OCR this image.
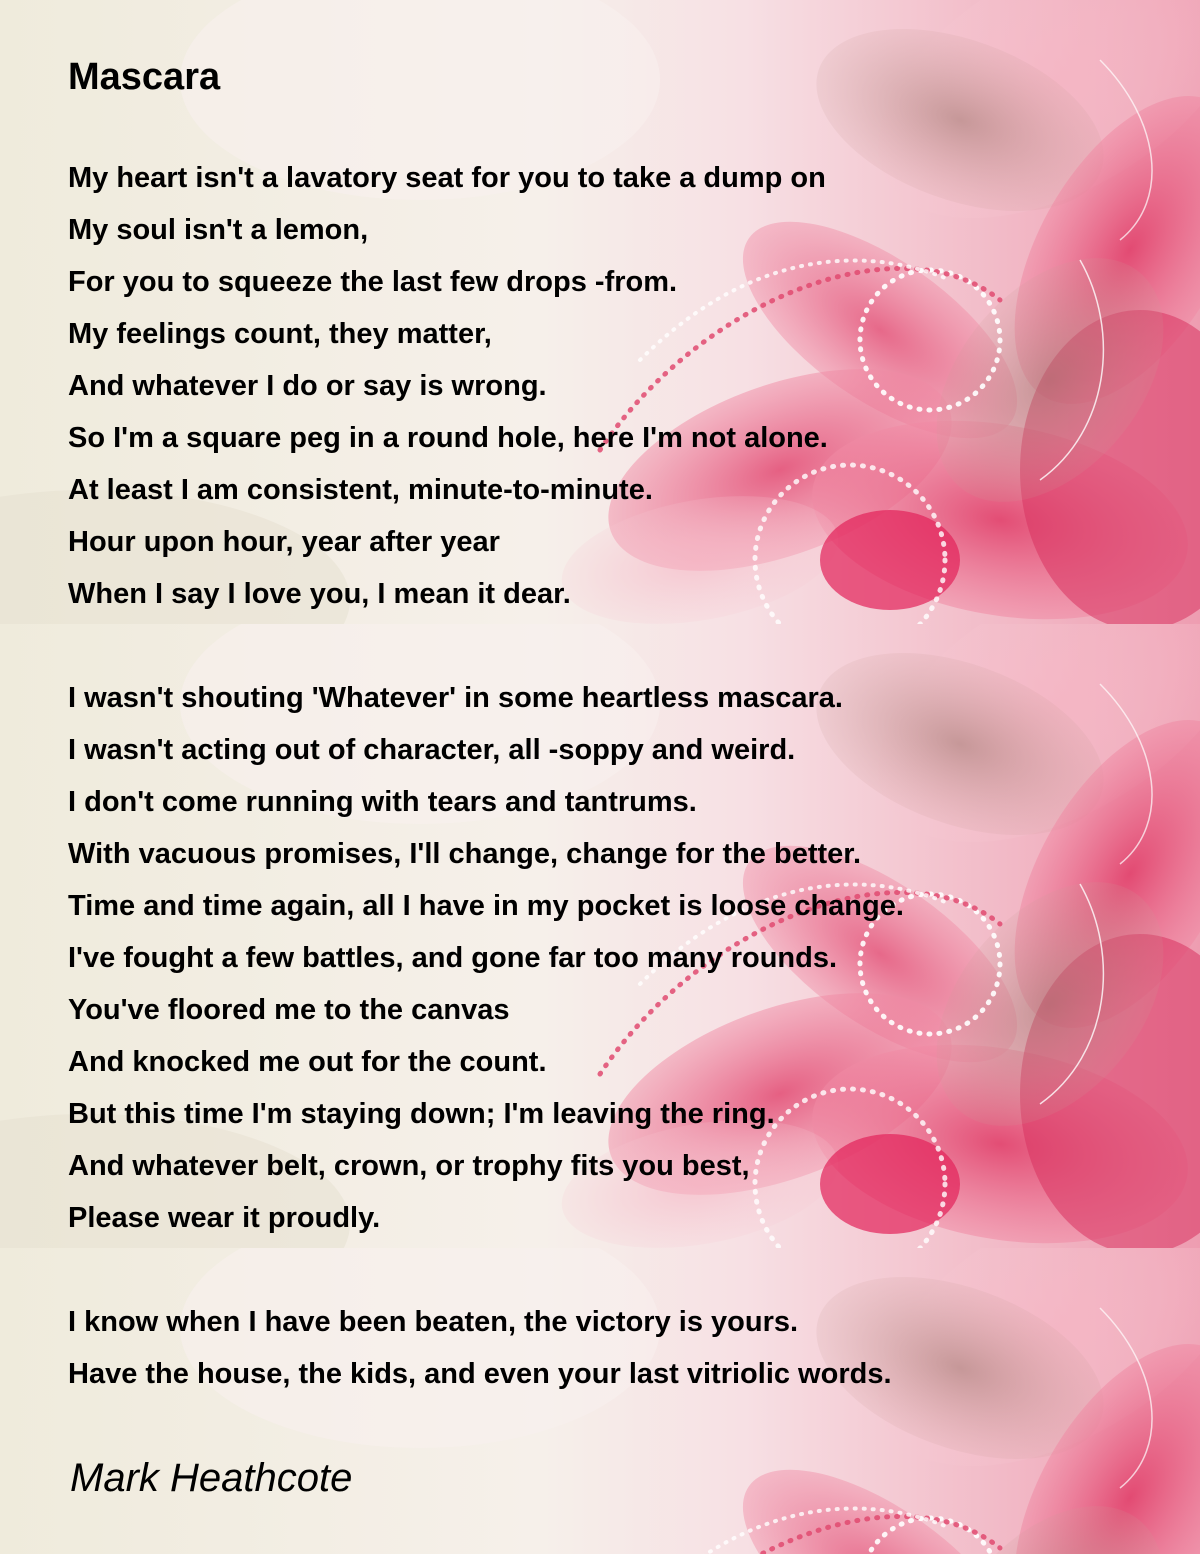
Mascara
My heart isn't a lavatory seat for you to take a dump on
My soul isn't a lemon,
For you to squeeze the last few drops -from.
My feelings count, they matter,
And whatever I do or say is wrong.
So I'm a square peg in a round hole, here I'm not alone.
At least I am consistent, minute-to-minute.
Hour upon hour, year after year
When I say I love you, I mean it dear.
I wasn't shouting 'Whatever' in some heartless mascara.
I wasn't acting out of character, all -soppy and weird.
I don't come running with tears and tantrums.
With vacuous promises, I'll change, change for the better.
Time and time again, all I have in my pocket is loose change.
I've fought a few battles, and gone far too many rounds.
You've floored me to the canvas
And knocked me out for the count.
But this time I'm staying down; I'm leaving the ring.
And whatever belt, crown, or trophy fits you best,
Please wear it proudly.
I know when I have been beaten, the victory is yours.
Have the house, the kids, and even your last vitriolic words.

Mark Heathcote
